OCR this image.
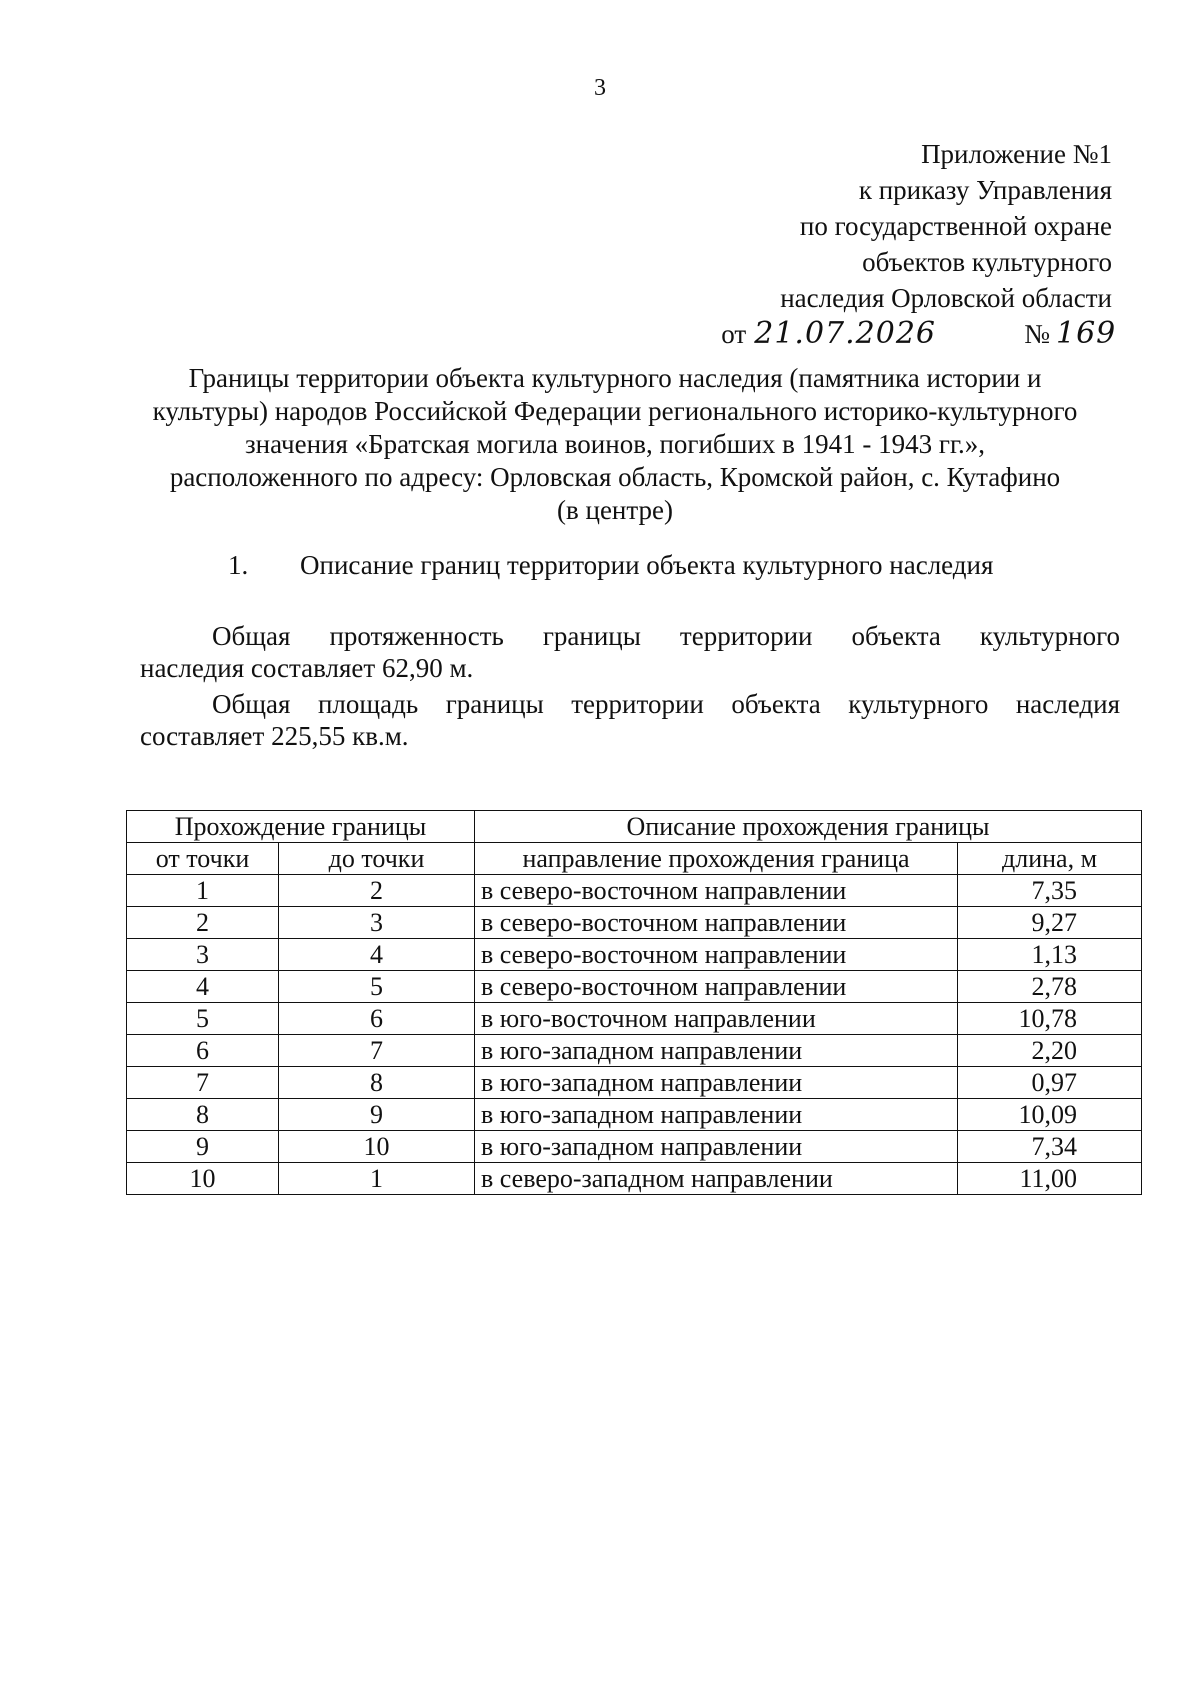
3
Приложение №1
к приказу Управления
по государственной охране
объектов культурного
наследия Орловской области
от 21.07.2026	№ 169
Границы территории объекта культурного наследия (памятника истории и
культуры) народов Российской Федерации регионального историко-культурного
значения «Братская могила воинов, погибших в 1941 - 1943 гг.»,
расположенного по адресу: Орловская область, Кромской район, с. Кутафино
(в центре)
1. Описание границ территории объекта культурного наследия
Общая протяженность границы территории объекта культурного
наследия составляет 62,90 м.
Общая площадь границы территории объекта культурного наследия
составляет 225,55 кв.м.
Прохождение границы		Описание прохождения границы	
от точки	до точки	направление прохождения граница	длина, м
1	2	в северо-восточном направлении	7,35
2	3	в северо-восточном направлении	9,27
3	4	в северо-восточном направлении	1,13
4	5	в северо-восточном направлении	2,78
5	6	в юго-восточном направлении	10,78
6	7	в юго-западном направлении	2,20
7	8	в юго-западном направлении	0,97
8	9	в юго-западном направлении	10,09
9	10	в юго-западном направлении	7,34
10	1	в северо-западном направлении	11,00
